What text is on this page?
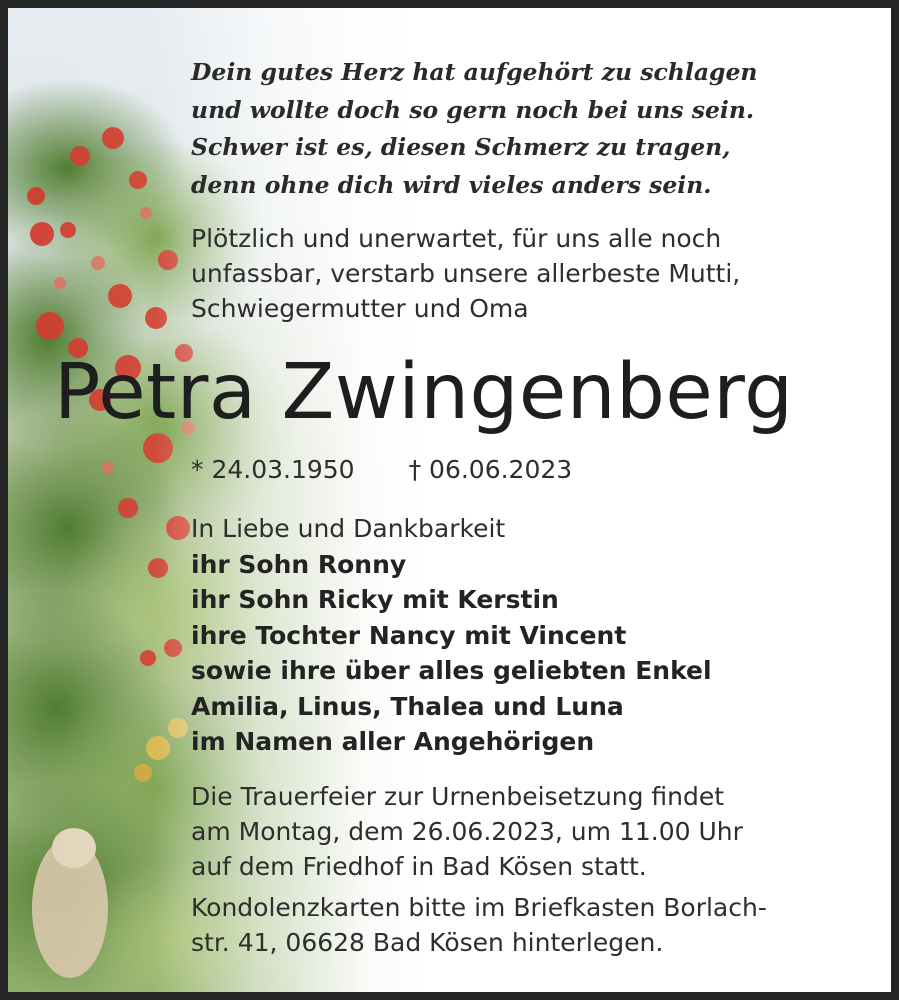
Dein gutes Herz hat aufgehört zu schlagen
und wollte doch so gern noch bei uns sein.
Schwer ist es, diesen Schmerz zu tragen,
denn ohne dich wird vieles anders sein.
Plötzlich und unerwartet, für uns alle noch
unfassbar, verstarb unsere allerbeste Mutti,
Schwiegermutter und Oma
Petra Zwingenberg
* 24.03.1950 † 06.06.2023
In Liebe und Dankbarkeit
ihr Sohn Ronny
ihr Sohn Ricky mit Kerstin
ihre Tochter Nancy mit Vincent
sowie ihre über alles geliebten Enkel
Amilia, Linus, Thalea und Luna
im Namen aller Angehörigen
Die Trauerfeier zur Urnenbeisetzung findet
am Montag, dem 26.06.2023, um 11.00 Uhr
auf dem Friedhof in Bad Kösen statt.
Kondolenzkarten bitte im Briefkasten Borlach-
str. 41, 06628 Bad Kösen hinterlegen.
